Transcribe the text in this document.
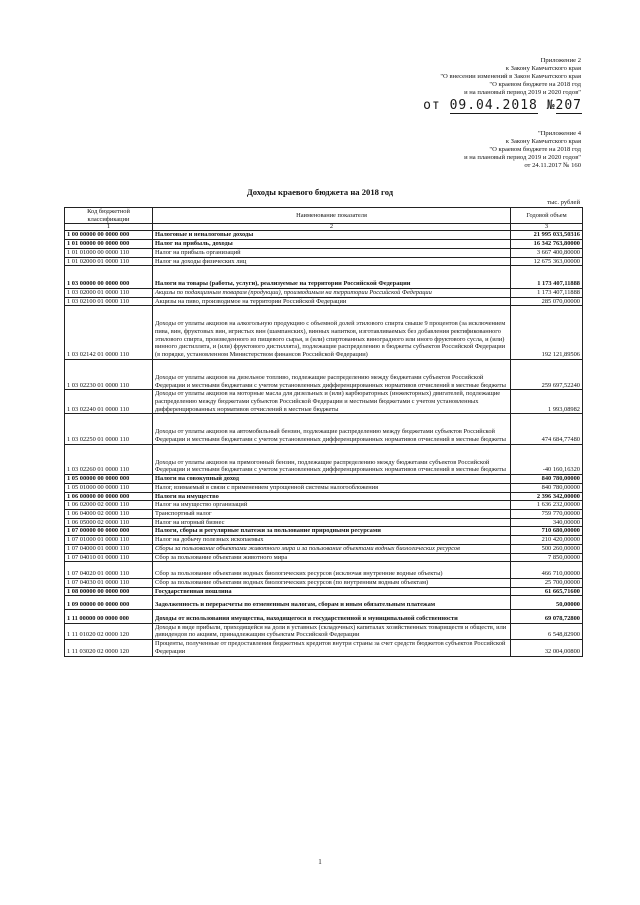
Приложение 2
к Закону Камчатского края
"О внесении изменений в Закон Камчатского края
"О краевом бюджете на 2018 год
и на плановый период 2019 и 2020 годов"
от 09.04.2018 №207
"Приложение 4
к Закону Камчатского края
"О краевом бюджете на 2018 год
и на плановый период 2019 и 2020 годов"
от 24.11.2017 № 160
Доходы краевого бюджета на 2018 год
тыс. рублей
Код бюджетной классификации	Наименование показателя	Годовой объем
1	2	3
1 00 00000 00 0000 000	Налоговые и неналоговые доходы	21 995 033,50316
1 01 00000 00 0000 000	Налог на прибыль, доходы	16 342 763,80000
1 01 01000 00 0000 110	Налог на прибыль организаций	3 667 400,80000
1 01 02000 01 0000 110	Налог на доходы физических лиц	12 675 363,00000
1 03 00000 00 0000 000	Налоги на товары (работы, услуги), реализуемые на территории Российской Федерации	1 173 407,11888
1 03 02000 01 0000 110	Акцизы по подакцизным товарам (продукции), производимым на территории Российской Федерации	1 173 407,11888
1 03 02100 01 0000 110	Акцизы на пиво, производимое на территории Российской Федерации	285 070,00000
1 03 02142 01 0000 110	Доходы от уплаты акцизов на алкогольную продукцию с объемной долей этилового спирта свыше 9 процентов (за исключением пива, вин, фруктовых вин, игристых вин (шампанских), винных напитков, изготавливаемых без добавления ректификованного этилового спирта, произведенного из пищевого сырья, и (или) спиртованных виноградного или иного фруктового сусла, и (или) винного дистиллята, и (или) фруктового дистиллята), подлежащие распределению в бюджеты субъектов Российской Федерации (в порядке, установленном Министерством финансов Российской Федерации)	192 121,89506
1 03 02230 01 0000 110	Доходы от уплаты акцизов на дизельное топливо, подлежащие распределению между бюджетами субъектов Российской Федерации и местными бюджетами с учетом установленных дифференцированных нормативов отчислений в местные бюджеты	259 697,52240
1 03 02240 01 0000 110	Доходы от уплаты акцизов на моторные масла для дизельных и (или) карбюраторных (инжекторных) двигателей, подлежащие распределению между бюджетами субъектов Российской Федерации и местными бюджетами с учетом установленных дифференцированных нормативов отчислений в местные бюджеты	1 993,08982
1 03 02250 01 0000 110	Доходы от уплаты акцизов на автомобильный бензин, подлежащие распределению между бюджетами субъектов Российской Федерации и местными бюджетами с учетом установленных дифференцированных нормативов отчислений в местные бюджеты	474 684,77480
1 03 02260 01 0000 110	Доходы от уплаты акцизов на прямогонный бензин, подлежащие распределению между бюджетами субъектов Российской Федерации и местными бюджетами с учетом установленных дифференцированных нормативов отчислений в местные бюджеты	-40 160,16320
1 05 00000 00 0000 000	Налоги на совокупный доход	840 780,00000
1 05 01000 00 0000 110	Налог, взимаемый в связи с применением упрощенной системы налогообложения	840 780,00000
1 06 00000 00 0000 000	Налоги на имущество	2 396 342,00000
1 06 02000 02 0000 110	Налог на имущество организаций	1 636 232,00000
1 06 04000 02 0000 110	Транспортный налог	759 770,00000
1 06 05000 02 0000 110	Налог на игорный бизнес	340,00000
1 07 00000 00 0000 000	Налоги, сборы и регулярные платежи за пользование природными ресурсами	710 680,00000
1 07 01000 01 0000 110	Налог на добычу полезных ископаемых	210 420,00000
1 07 04000 01 0000 110	Сборы за пользование объектами животного мира и за пользование объектами водных биологических ресурсов	500 260,00000
1 07 04010 01 0000 110	Сбор за пользование объектами животного мира	7 850,00000
1 07 04020 01 0000 110	Сбор за пользование объектами водных биологических ресурсов (исключая внутренние водные объекты)	466 710,00000
1 07 04030 01 0000 110	Сбор за пользование объектами водных биологических ресурсов (по внутренним водным объектам)	25 700,00000
1 08 00000 00 0000 000	Государственная пошлина	61 665,71600
1 09 00000 00 0000 000	Задолженность и перерасчеты по отмененным налогам, сборам и иным обязательным платежам	50,00000
1 11 00000 00 0000 000	Доходы от использования имущества, находящегося в государственной и муниципальной собственности	69 078,72800
1 11 01020 02 0000 120	Доходы в виде прибыли, приходящейся на доли в уставных (складочных) капиталах хозяйственных товариществ и обществ, или дивидендов по акциям, принадлежащим субъектам Российской Федерации	6 548,82900
1 11 03020 02 0000 120	Проценты, полученные от предоставления бюджетных кредитов внутри страны за счет средств бюджетов субъектов Российской Федерации	32 004,00800
1
